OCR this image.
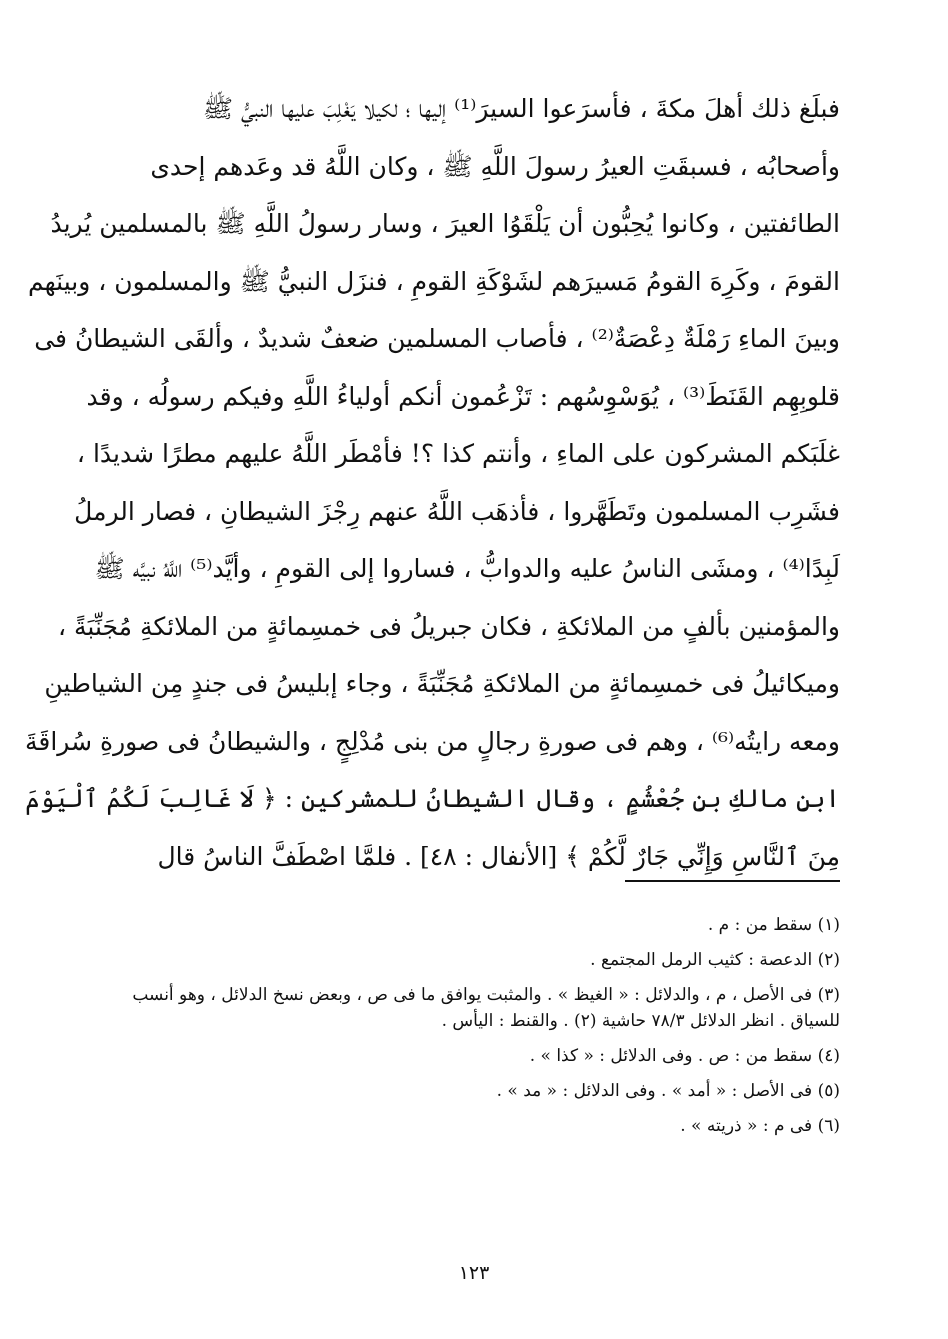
فبلَغ ذلك أهلَ مكةَ ، فأسرَعوا السيرَ⁽¹⁾ إليها ؛ لكيلا يَغْلِبَ عليها النبيُّ ﷺ
وأصحابُه ، فسبقَتِ العيرُ رسولَ اللَّهِ ﷺ ، وكان اللَّهُ قد وعَدهم إحدى
الطائفتين ، وكانوا يُحِبُّون أن يَلْقَوُا العيرَ ، وسار رسولُ اللَّهِ ﷺ بالمسلمين يُريدُ
القومَ ، وكَرِهَ القومُ مَسيرَهم لشَوْكَةِ القومِ ، فنزَل النبيُّ ﷺ والمسلمون ، وبينَهم
وبينَ الماءِ رَمْلَةٌ دِعْصَةٌ⁽²⁾ ، فأصاب المسلمين ضعفٌ شديدٌ ، وألقَى الشيطانُ فى
قلوبِهِم القَنَطَ⁽³⁾ ، يُوَسْوِسُهم : تَزْعُمون أنكم أولياءُ اللَّهِ وفيكم رسولُه ، وقد
غلَبَكم المشركون على الماءِ ، وأنتم كذا ؟! فأمْطَر اللَّهُ عليهم مطرًا شديدًا ،
فشَرِب المسلمون وتَطَهَّروا ، فأذهَب اللَّهُ عنهم رِجْزَ الشيطانِ ، فصار الرملُ
لَبِدًا⁽⁴⁾ ، ومشَى الناسُ عليه والدوابُّ ، فساروا إلى القومِ ، وأيَّد⁽⁵⁾ اللَّهُ نبيَّه ﷺ
والمؤمنين بألفٍ من الملائكةِ ، فكان جبريلُ فى خمسِمائةٍ من الملائكةِ مُجَنِّبَةً ،
وميكائيلُ فى خمسِمائةٍ من الملائكةِ مُجَنِّبَةً ، وجاء إبليسُ فى جندٍ مِن الشياطينِ
ومعه رايتُه⁽⁶⁾ ، وهم فى صورةِ رجالٍ من بنى مُدْلِجٍ ، والشيطانُ فى صورةِ سُراقَةَ
ابنِ مالكِ بنِ جُعْشُمٍ ، وقال الشيطانُ للمشركين : ﴿ لَا غَالِبَ لَكُمُ ٱلْيَوْمَ
مِنَ ٱلنَّاسِ وَإِنِّي جَارٌ لَّكُمْ ﴾ [الأنفال : ٤٨] . فلمَّا اصْطَفَّ الناسُ قال
(١) سقط من : م .
(٢) الدعصة : كثيب الرمل المجتمع .
(٣) فى الأصل ، م ، والدلائل : « الغيظ » . والمثبت يوافق ما فى ص ، وبعض نسخ الدلائل ، وهو أنسب
للسياق . انظر الدلائل ٧٨/٣ حاشية (٢) . والقنط : اليأس .
(٤) سقط من : ص . وفى الدلائل : « كذا » .
(٥) فى الأصل : « أمد » . وفى الدلائل : « مد » .
(٦) فى م : « ذريته » .
١٢٣
